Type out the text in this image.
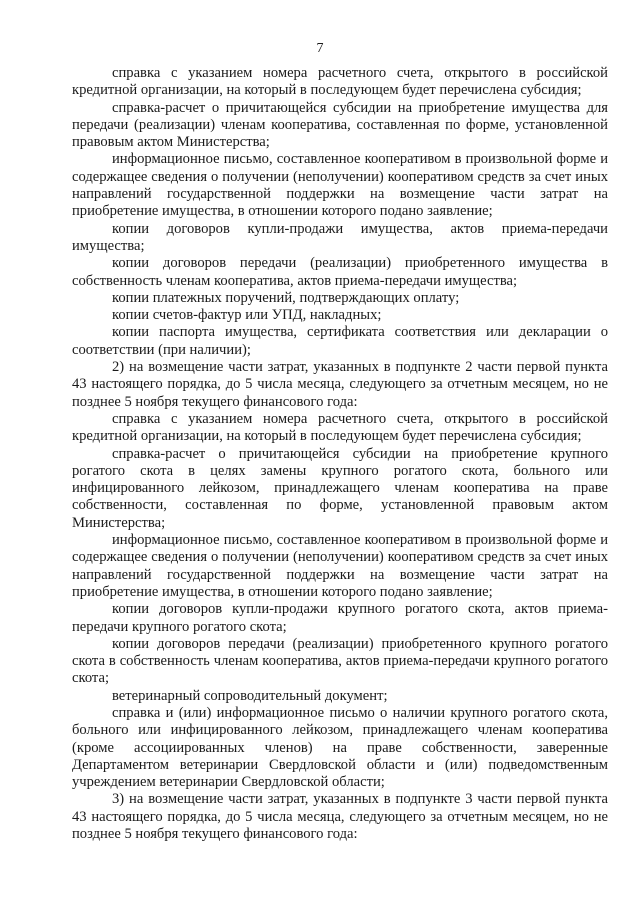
7

справка с указанием номера расчетного счета, открытого в российской кредитной организации, на который в последующем будет перечислена субсидия;

справка-расчет о причитающейся субсидии на приобретение имущества для передачи (реализации) членам кооператива, составленная по форме, установленной правовым актом Министерства;

информационное письмо, составленное кооперативом в произвольной форме и содержащее сведения о получении (неполучении) кооперативом средств за счет иных направлений государственной поддержки на возмещение части затрат на приобретение имущества, в отношении которого подано заявление;

копии договоров купли-продажи имущества, актов приема-передачи имущества;

копии договоров передачи (реализации) приобретенного имущества в собственность членам кооператива, актов приема-передачи имущества;

копии платежных поручений, подтверждающих оплату;

копии счетов-фактур или УПД, накладных;

копии паспорта имущества, сертификата соответствия или декларации о соответствии (при наличии);

2) на возмещение части затрат, указанных в подпункте 2 части первой пункта 43 настоящего порядка, до 5 числа месяца, следующего за отчетным месяцем, но не позднее 5 ноября текущего финансового года:

справка с указанием номера расчетного счета, открытого в российской кредитной организации, на который в последующем будет перечислена субсидия;

справка-расчет о причитающейся субсидии на приобретение крупного рогатого скота в целях замены крупного рогатого скота, больного или инфицированного лейкозом, принадлежащего членам кооператива на праве собственности, составленная по форме, установленной правовым актом Министерства;

информационное письмо, составленное кооперативом в произвольной форме и содержащее сведения о получении (неполучении) кооперативом средств за счет иных направлений государственной поддержки на возмещение части затрат на приобретение имущества, в отношении которого подано заявление;

копии договоров купли-продажи крупного рогатого скота, актов приема-передачи крупного рогатого скота;

копии договоров передачи (реализации) приобретенного крупного рогатого скота в собственность членам кооператива, актов приема-передачи крупного рогатого скота;

ветеринарный сопроводительный документ;

справка и (или) информационное письмо о наличии крупного рогатого скота, больного или инфицированного лейкозом, принадлежащего членам кооператива (кроме ассоциированных членов) на праве собственности, заверенные Департаментом ветеринарии Свердловской области и (или) подведомственным учреждением ветеринарии Свердловской области;

3) на возмещение части затрат, указанных в подпункте 3 части первой пункта 43 настоящего порядка, до 5 числа месяца, следующего за отчетным месяцем, но не позднее 5 ноября текущего финансового года:
